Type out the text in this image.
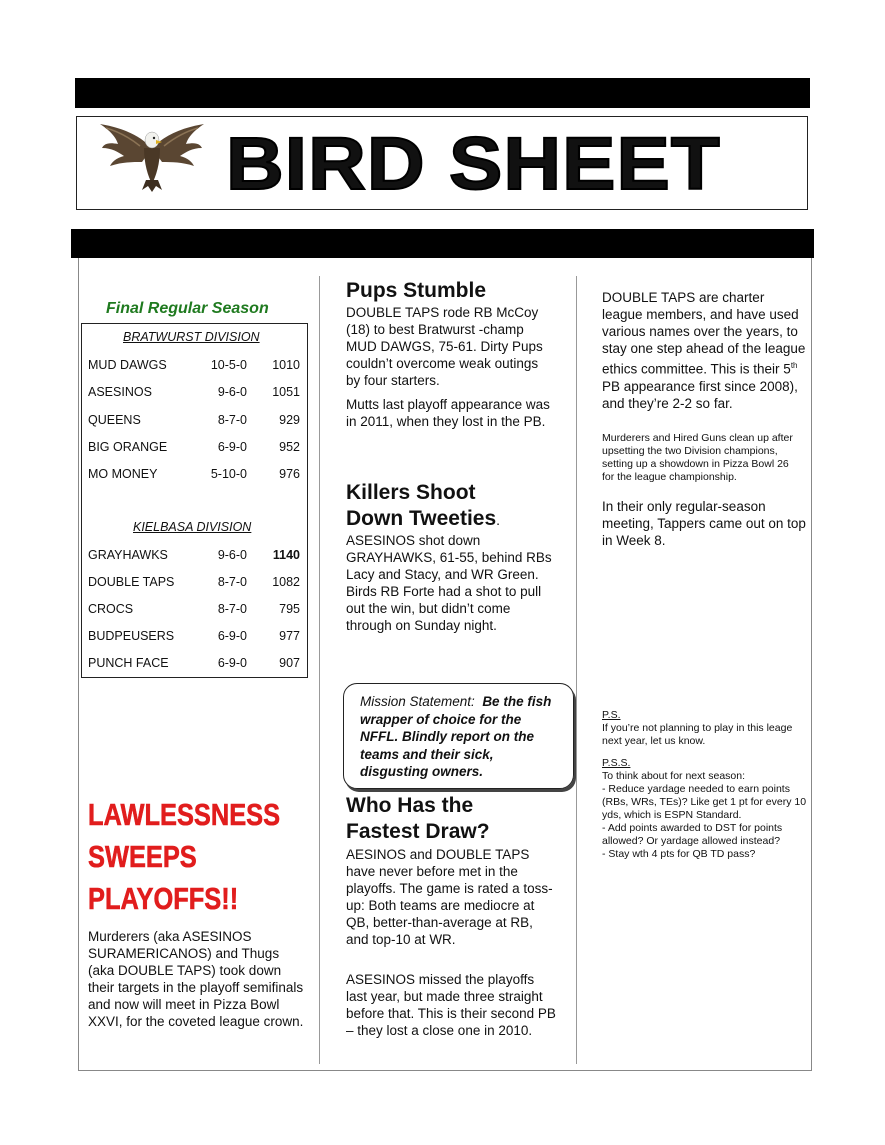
BIRD SHEET
Final Regular Season
BRATWURST DIVISION
MUD DAWGS	10-5-0 1010
ASESINOS	9-6-0 1051
QUEENS	8-7-0	929
BIG ORANGE	6-9-0	952
MO MONEY	5-10-0	976
KIELBASA DIVISION
GRAYHAWKS	9-6-0 1140
DOUBLE TAPS	8-7-0 1082
CROCS	8-7-0	795
BUDPEUSERS	6-9-0	977
PUNCH FACE	6-9-0	907
LAWLESSNESS
SWEEPS
PLAYOFFS!!

Murderers (aka ASESINOS SURAMERICANOS) and Thugs (aka DOUBLE TAPS) took down their targets in the playoff semifinals and now will meet in Pizza Bowl XXVI, for the coveted league crown.

Pups Stumble

DOUBLE TAPS rode RB McCoy (18) to best Bratwurst -champ MUD DAWGS, 75-61. Dirty Pups couldn’t overcome weak outings by four starters.

Mutts last playoff appearance was in 2011, when they lost in the PB.

Killers Shoot
Down Tweeties.

ASESINOS shot down GRAYHAWKS, 61-55, behind RBs Lacy and Stacy, and WR Green. Birds RB Forte had a shot to pull out the win, but didn’t come through on Sunday night.

Mission Statement: Be the fish wrapper of choice for the NFFL. Blindly report on the teams and their sick, disgusting owners.
Who Has the
Fastest Draw?

AESINOS and DOUBLE TAPS have never before met in the playoffs. The game is rated a toss-up: Both teams are mediocre at QB, better-than-average at RB, and top-10 at WR.

ASESINOS missed the playoffs last year, but made three straight before that. This is their second PB – they lost a close one in 2010.

DOUBLE TAPS are charter league members, and have used various names over the years, to stay one step ahead of the league ethics committee. This is their 5th PB appearance first since 2008), and they’re 2-2 so far.

Murderers and Hired Guns clean up after upsetting the two Division champions, setting up a showdown in Pizza Bowl 26 for the league championship.

In their only regular-season meeting, Tappers came out on top in Week 8.

P.S.
If you’re not planning to play in this leage next year, let us know.
P.S.S.
To think about for next season:
- Reduce yardage needed to earn points (RBs, WRs, TEs)? Like get 1 pt for every 10 yds, which is ESPN Standard.
- Add points awarded to DST for points allowed? Or yardage allowed instead?
- Stay wth 4 pts for QB TD pass?
